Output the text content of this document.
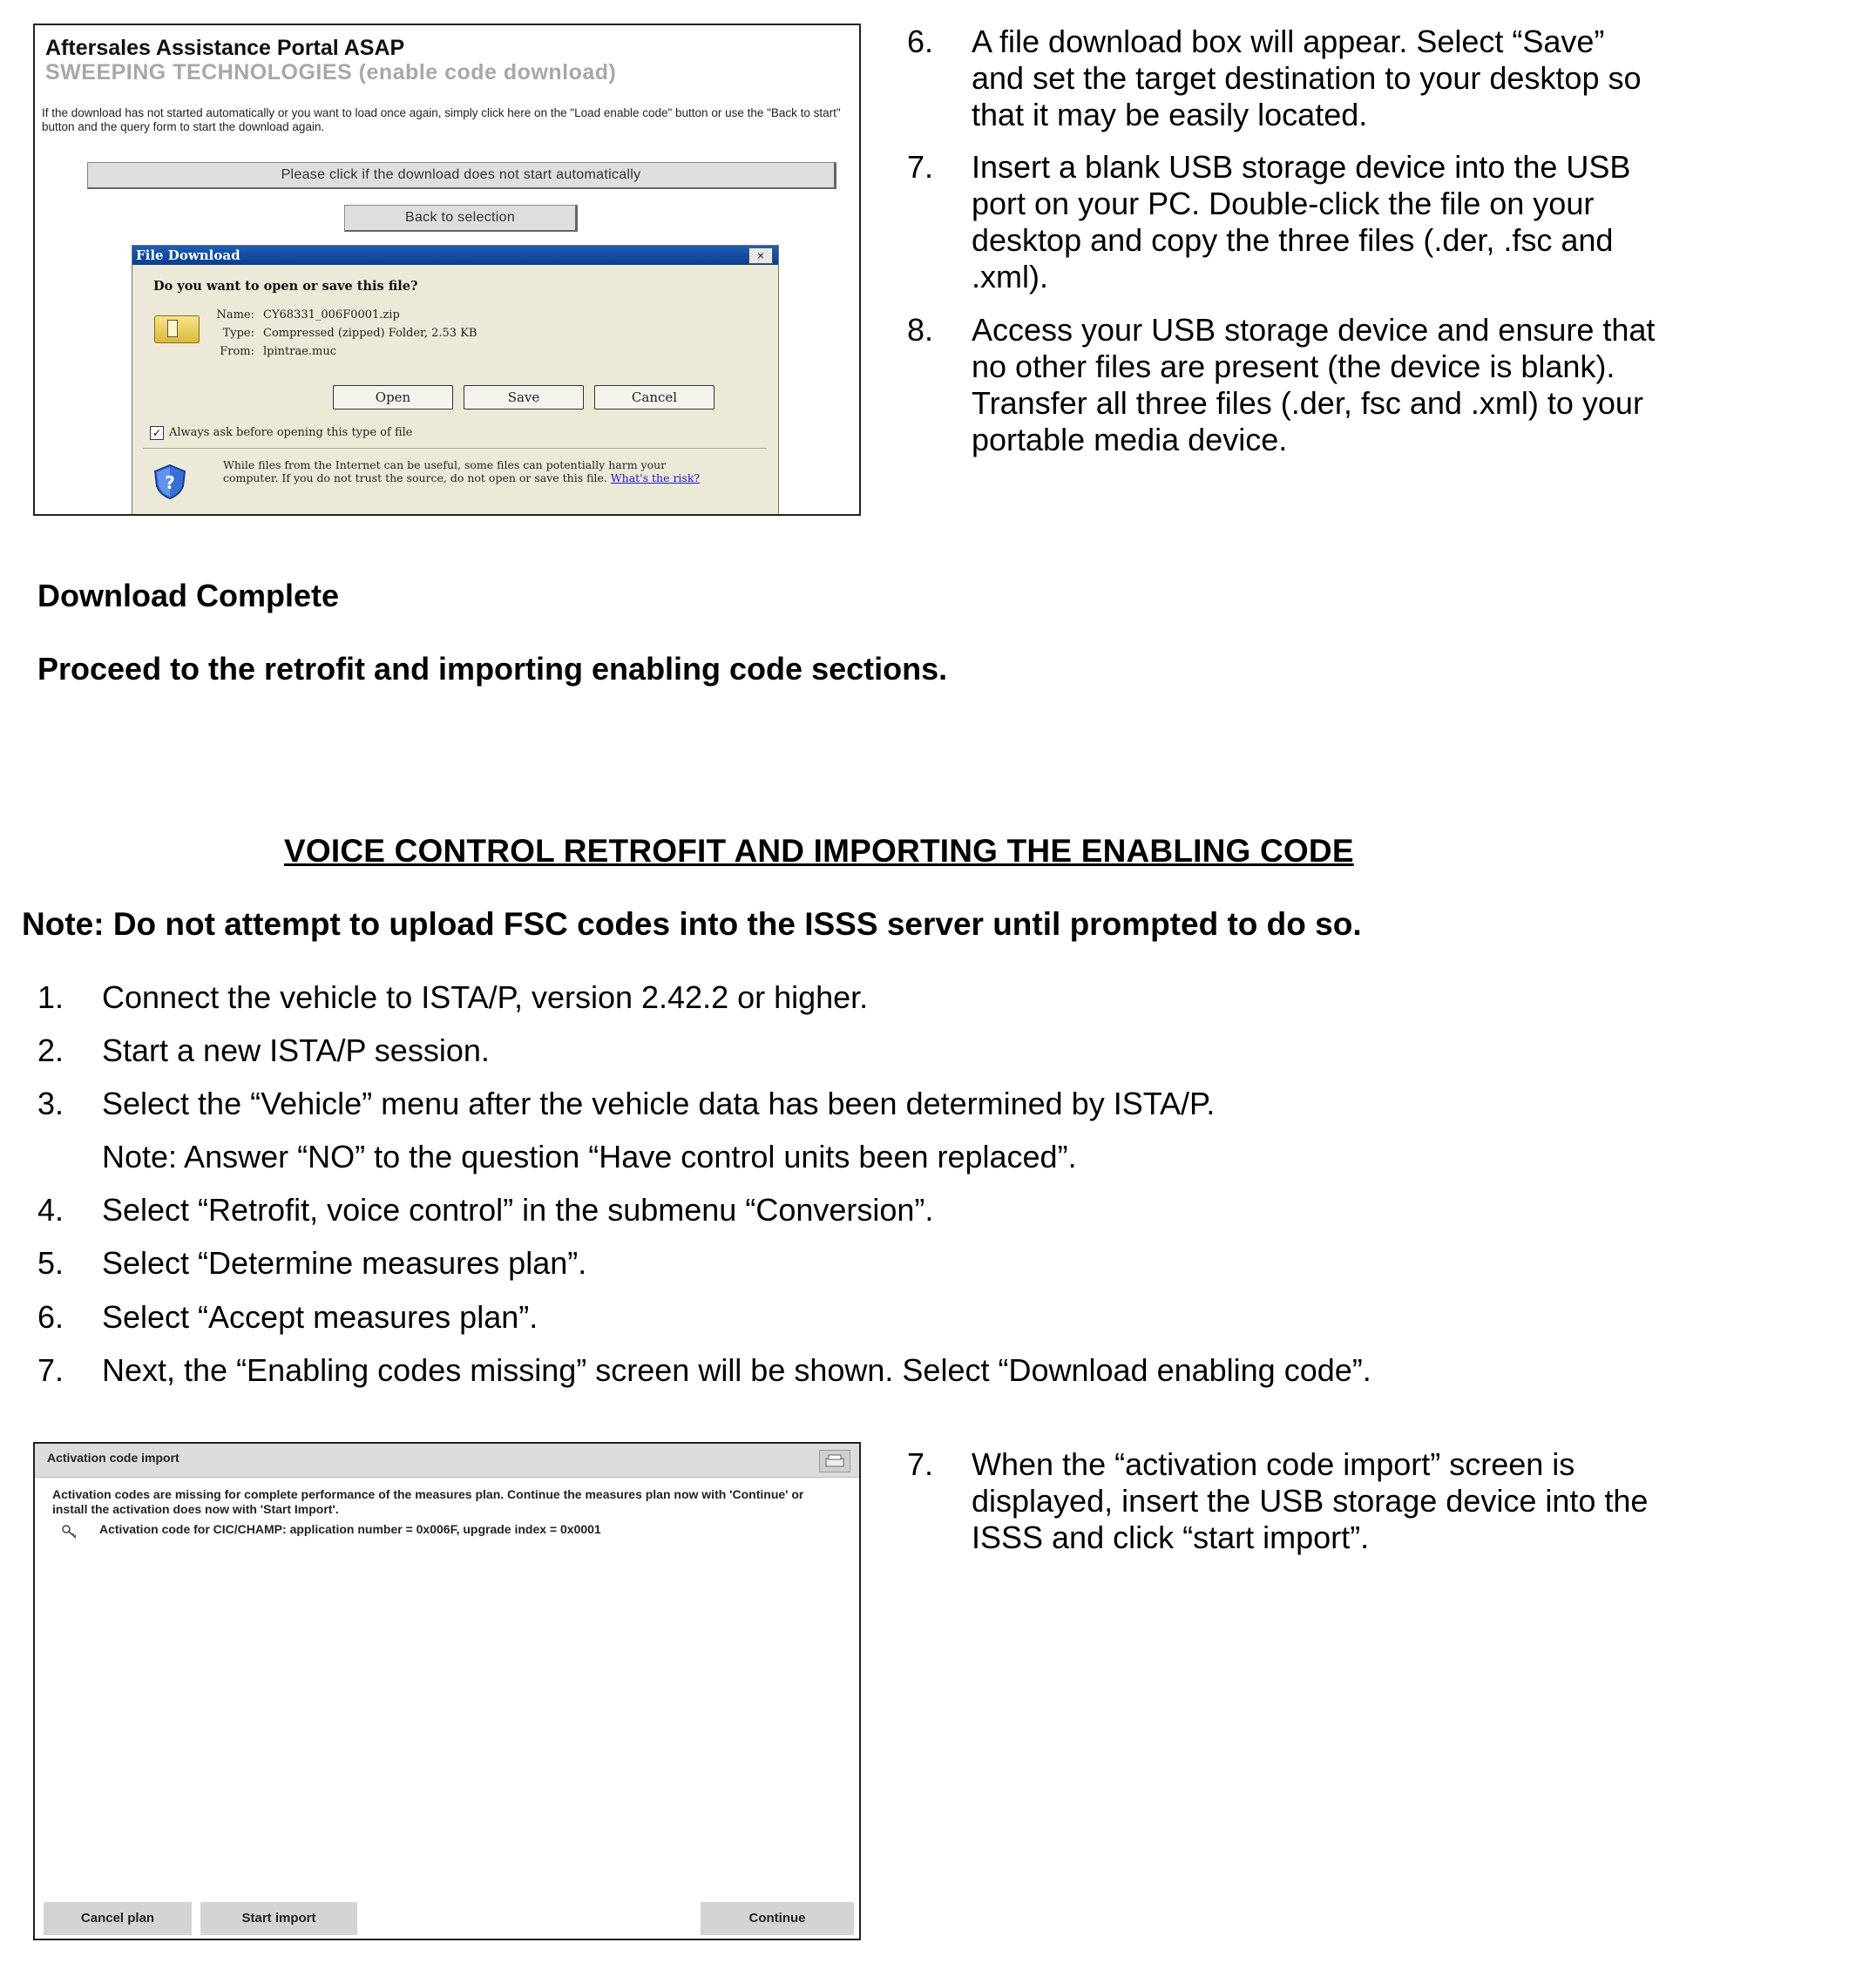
Aftersales Assistance Portal ASAP
SWEEPING TECHNOLOGIES (enable code download)
If the download has not started automatically or you want to load once again, simply click here on the "Load enable code" button or use the "Back to start" button and the query form to start the download again.
Please click if the download does not start automatically
Back to selection
File Download	×
Do you want to open or save this file?
Name: CY68331_006F0001.zip
Type: Compressed (zipped) Folder, 2.53 KB
From: lpintrae.muc
Open	Save	Cancel
✓ Always ask before opening this type of file
?
While files from the Internet can be useful, some files can potentially harm your computer. If you do not trust the source, do not open or save this file. What's the risk?
6. A file download box will appear. Select “Save”
and set the target destination to your desktop so
that it may be easily located.
7. Insert a blank USB storage device into the USB
port on your PC. Double-click the file on your
desktop and copy the three files (.der, .fsc and
.xml).
8. Access your USB storage device and ensure that
no other files are present (the device is blank).
Transfer all three files (.der, fsc and .xml) to your
portable media device.
Download Complete
Proceed to the retrofit and importing enabling code sections.
VOICE CONTROL RETROFIT AND IMPORTING THE ENABLING CODE
Note: Do not attempt to upload FSC codes into the ISSS server until prompted to do so.
1. Connect the vehicle to ISTA/P, version 2.42.2 or higher.
2. Start a new ISTA/P session.
3. Select the “Vehicle” menu after the vehicle data has been determined by ISTA/P.
Note: Answer “NO” to the question “Have control units been replaced”.
4. Select “Retrofit, voice control” in the submenu “Conversion”.
5. Select “Determine measures plan”.
6. Select “Accept measures plan”.
7. Next, the “Enabling codes missing” screen will be shown. Select “Download enabling code”.
Activation code import
Activation codes are missing for complete performance of the measures plan. Continue the measures plan now with 'Continue' or install the activation does now with 'Start Import'.
Activation code for CIC/CHAMP: application number = 0x006F, upgrade index = 0x0001
Cancel plan	Start import	Continue
7. When the “activation code import” screen is
displayed, insert the USB storage device into the
ISSS and click “start import”.
